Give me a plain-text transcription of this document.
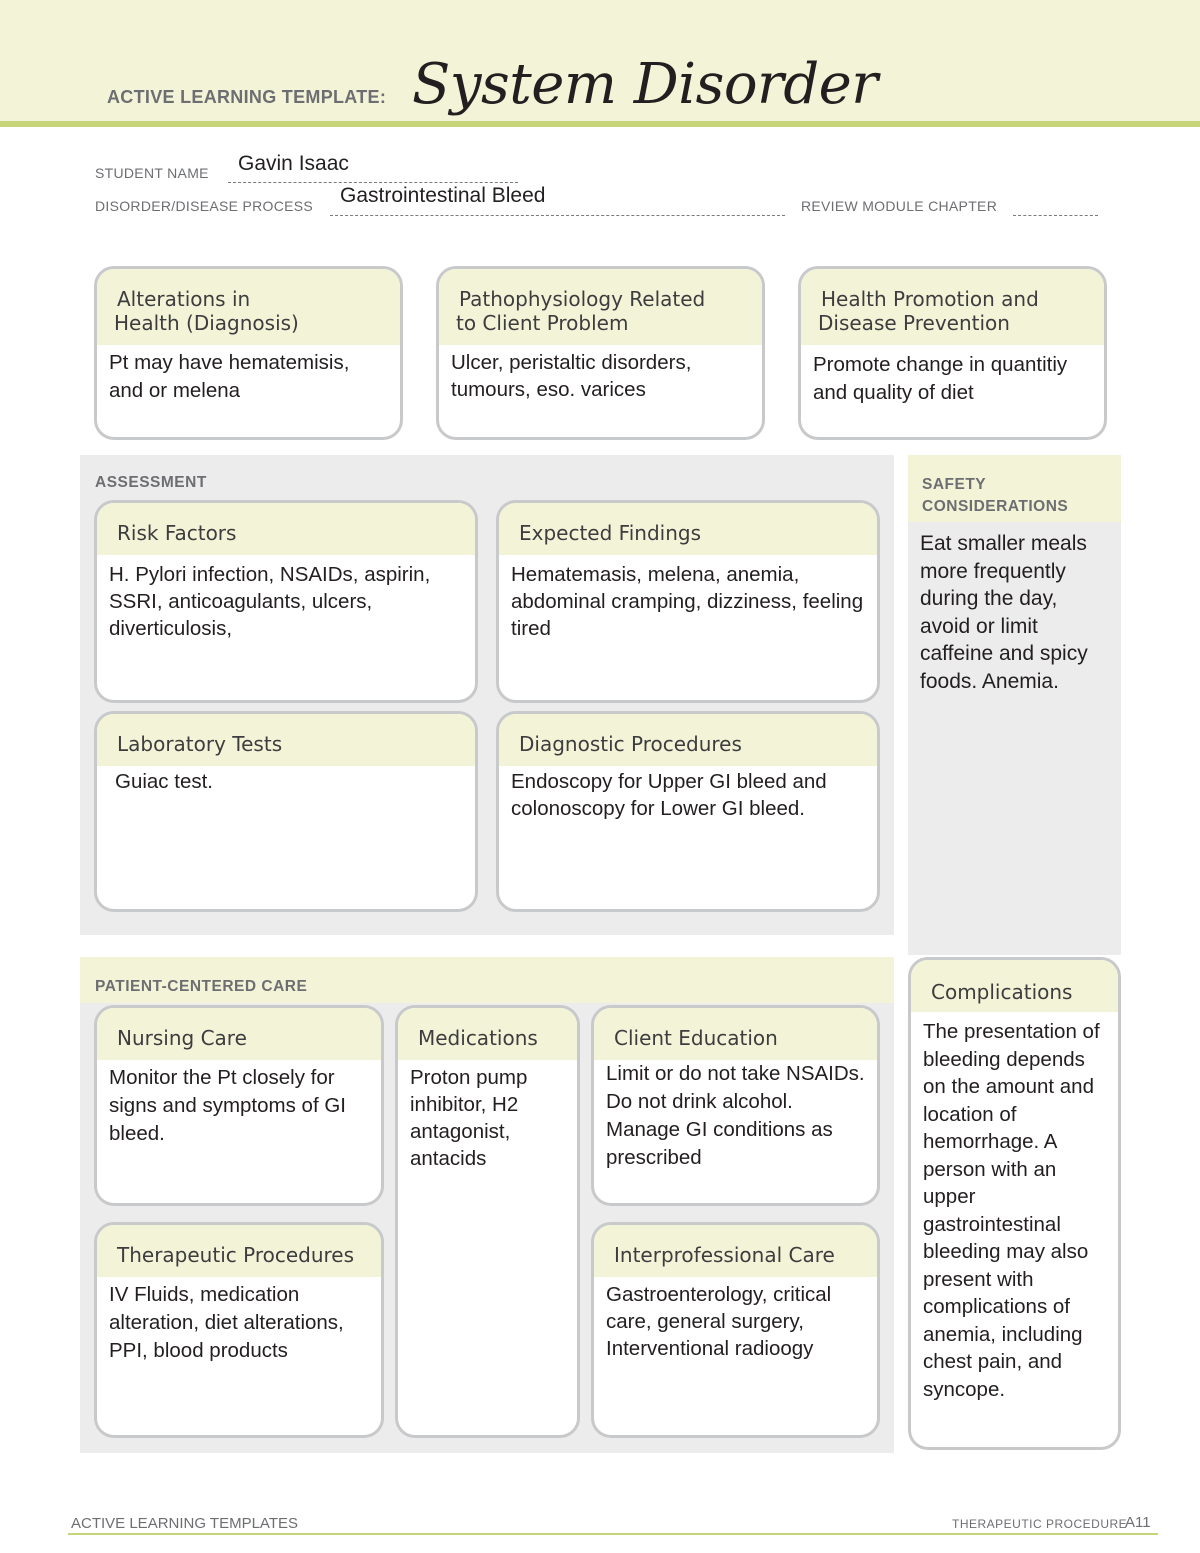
ACTIVE LEARNING TEMPLATE: System Disorder
STUDENT NAME Gavin Isaac
DISORDER/DISEASE PROCESS Gastrointestinal Bleed	REVIEW MODULE CHAPTER
Alterations in
Health (Diagnosis)
Pt may have hematemisis, and or melena
Pathophysiology Related
to Client Problem
Ulcer, peristaltic disorders, tumours, eso. varices
Health Promotion and
Disease Prevention
Promote change in quantitiy and quality of diet
ASSESSMENT
Risk Factors
H. Pylori infection, NSAIDs, aspirin, SSRI, anticoagulants, ulcers, diverticulosis,
Expected Findings
Hematemasis, melena, anemia, abdominal cramping, dizziness, feeling tired
Laboratory Tests
Guiac test.
Diagnostic Procedures
Endoscopy for Upper GI bleed and colonoscopy for Lower GI bleed.
SAFETY
CONSIDERATIONS
Eat smaller meals more frequently during the day, avoid or limit caffeine and spicy foods. Anemia.
PATIENT-CENTERED CARE
Nursing Care
Monitor the Pt closely for signs and symptoms of GI bleed.
Medications
Proton pump inhibitor, H2 antagonist, antacids
Client Education
Limit or do not take NSAIDs. Do not drink alcohol. Manage GI conditions as prescribed
Therapeutic Procedures
IV Fluids, medication alteration, diet alterations, PPI, blood products
Interprofessional Care
Gastroenterology, critical care, general surgery, Interventional radioogy
Complications
The presentation of bleeding depends on the amount and location of hemorrhage. A person with an upper gastrointestinal bleeding may also present with complications of anemia, including chest pain, and syncope.
ACTIVE LEARNING TEMPLATES	THERAPEUTIC PROCEDURE
A11
